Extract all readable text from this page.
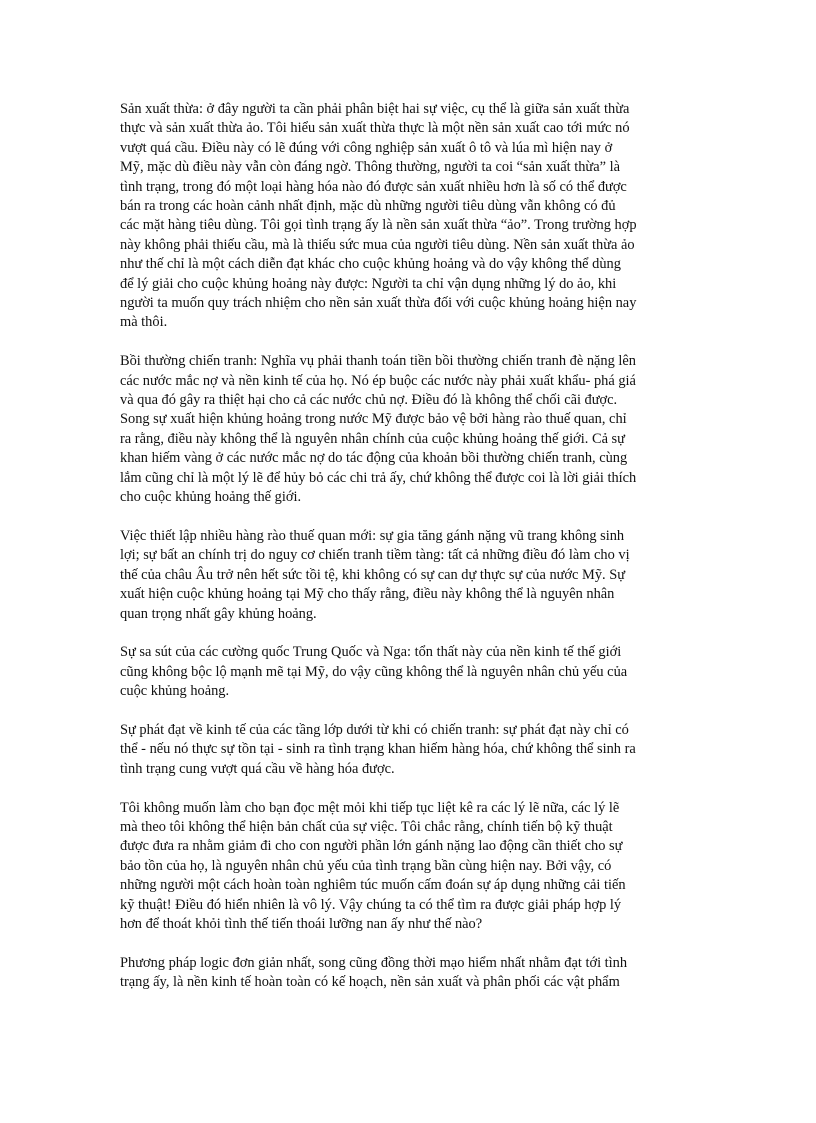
Sản xuất thừa: ở đây người ta cần phải phân biệt hai sự việc, cụ thể là giữa sản xuất thừa
thực và sản xuất thừa ảo. Tôi hiểu sản xuất thừa thực là một nền sản xuất cao tới mức nó
vượt quá cầu. Điều này có lẽ đúng với công nghiệp sản xuất ô tô và lúa mì hiện nay ở
Mỹ, mặc dù điều này vẫn còn đáng ngờ. Thông thường, người ta coi “sản xuất thừa” là
tình trạng, trong đó một loại hàng hóa nào đó được sản xuất nhiều hơn là số có thể được
bán ra trong các hoàn cảnh nhất định, mặc dù những người tiêu dùng vẫn không có đủ
các mặt hàng tiêu dùng. Tôi gọi tình trạng ấy là nền sản xuất thừa “ảo”. Trong trường hợp
này không phải thiếu cầu, mà là thiếu sức mua của người tiêu dùng. Nền sản xuất thừa ảo
như thế chỉ là một cách diễn đạt khác cho cuộc khủng hoảng và do vậy không thể dùng
để lý giải cho cuộc khủng hoảng này được: Người ta chỉ vận dụng những lý do ảo, khi
người ta muốn quy trách nhiệm cho nền sản xuất thừa đối với cuộc khủng hoảng hiện nay
mà thôi.
Bồi thường chiến tranh: Nghĩa vụ phải thanh toán tiền bồi thường chiến tranh đè nặng lên
các nước mắc nợ và nền kinh tế của họ. Nó ép buộc các nước này phải xuất khẩu- phá giá
và qua đó gây ra thiệt hại cho cả các nước chủ nợ. Điều đó là không thể chối cãi được.
Song sự xuất hiện khủng hoảng trong nước Mỹ được bảo vệ bởi hàng rào thuế quan, chỉ
ra rằng, điều này không thể là nguyên nhân chính của cuộc khủng hoảng thế giới. Cả sự
khan hiếm vàng ở các nước mắc nợ do tác động của khoản bồi thường chiến tranh, cùng
lắm cũng chỉ là một lý lẽ để hủy bỏ các chi trả ấy, chứ không thể được coi là lời giải thích
cho cuộc khủng hoảng thế giới.
Việc thiết lập nhiều hàng rào thuế quan mới: sự gia tăng gánh nặng vũ trang không sinh
lợi; sự bất an chính trị do nguy cơ chiến tranh tiềm tàng: tất cả những điều đó làm cho vị
thế của châu Âu trở nên hết sức tồi tệ, khi không có sự can dự thực sự của nước Mỹ. Sự
xuất hiện cuộc khủng hoảng tại Mỹ cho thấy rằng, điều này không thể là nguyên nhân
quan trọng nhất gây khủng hoảng.
Sự sa sút của các cường quốc Trung Quốc và Nga: tổn thất này của nền kinh tế thế giới
cũng không bộc lộ mạnh mẽ tại Mỹ, do vậy cũng không thể là nguyên nhân chủ yếu của
cuộc khủng hoảng.
Sự phát đạt về kinh tế của các tầng lớp dưới từ khi có chiến tranh: sự phát đạt này chỉ có
thể - nếu nó thực sự tồn tại - sinh ra tình trạng khan hiếm hàng hóa, chứ không thể sinh ra
tình trạng cung vượt quá cầu về hàng hóa được.
Tôi không muốn làm cho bạn đọc mệt mỏi khi tiếp tục liệt kê ra các lý lẽ nữa, các lý lẽ
mà theo tôi không thể hiện bản chất của sự việc. Tôi chắc rằng, chính tiến bộ kỹ thuật
được đưa ra nhằm giảm đi cho con người phần lớn gánh nặng lao động cần thiết cho sự
bảo tồn của họ, là nguyên nhân chủ yếu của tình trạng bần cùng hiện nay. Bởi vậy, có
những người một cách hoàn toàn nghiêm túc muốn cấm đoán sự áp dụng những cải tiến
kỹ thuật! Điều đó hiển nhiên là vô lý. Vậy chúng ta có thể tìm ra được giải pháp hợp lý
hơn để thoát khỏi tình thế tiến thoái lưỡng nan ấy như thế nào?
Phương pháp logic đơn giản nhất, song cũng đồng thời mạo hiểm nhất nhằm đạt tới tình
trạng ấy, là nền kinh tế hoàn toàn có kế hoạch, nền sản xuất và phân phối các vật phẩm
